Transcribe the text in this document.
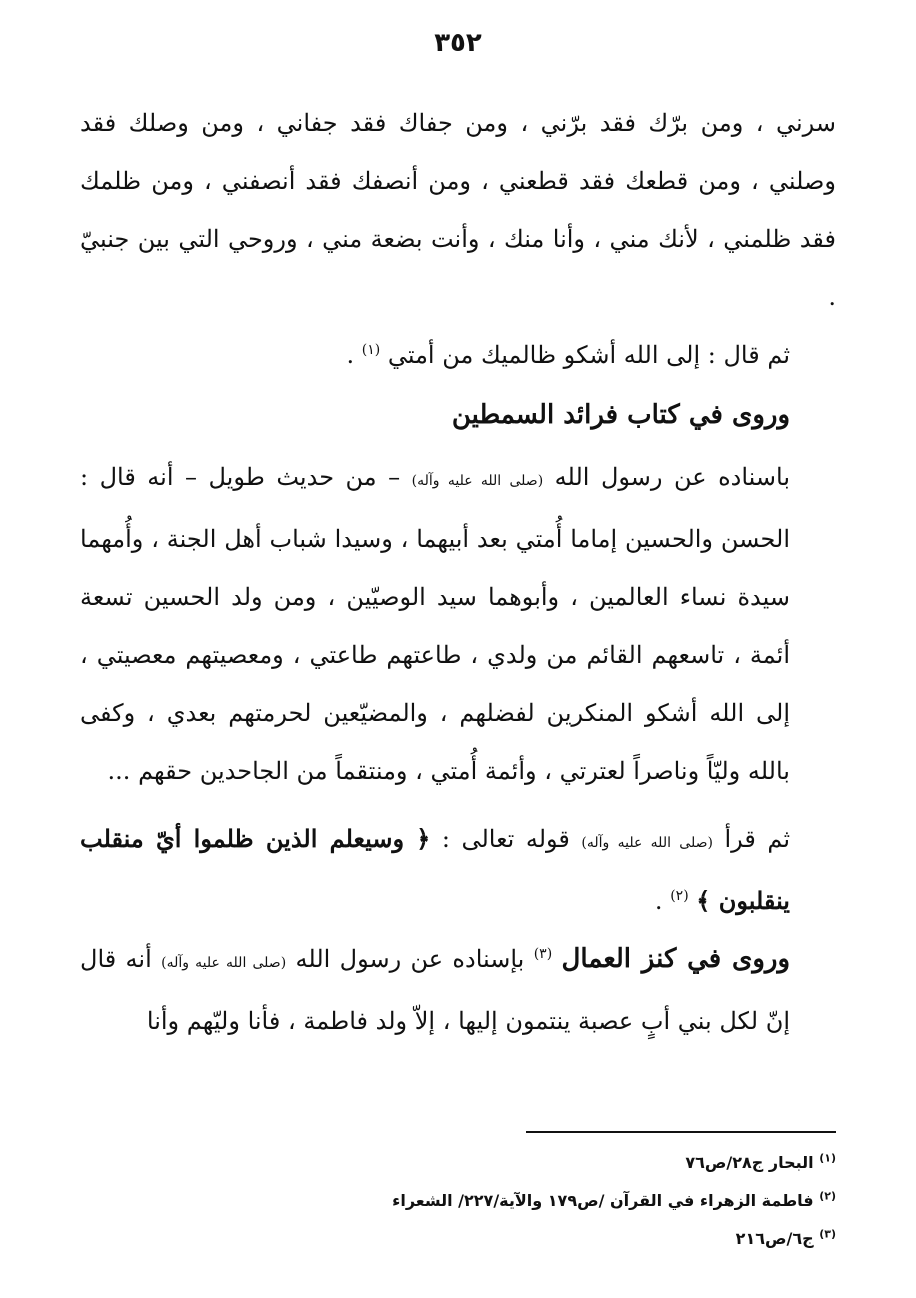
٣٥٢

سرني ، ومن برّك فقد برّني ، ومن جفاك فقد جفاني ، ومن وصلك فقد وصلني ، ومن قطعك فقد قطعني ، ومن أنصفك فقد أنصفني ، ومن ظلمك فقد ظلمني ، لأنك مني ، وأنا منك ، وأنت بضعة مني ، وروحي التي بين جنبيّ .

ثم قال : إلى الله أشكو ظالميك من أمتي $^{(١)}$ .

وروى في كتاب فرائد السمطين

باسناده عن رسول الله (صلى الله عليه وآله) – من حديث طويل – أنه قال : الحسن والحسين إماما أُمتي بعد أبيهما ، وسيدا شباب أهل الجنة ، وأُمهما سيدة نساء العالمين ، وأبوهما سيد الوصيّين ، ومن ولد الحسين تسعة أئمة ، تاسعهم القائم من ولدي ، طاعتهم طاعتي ، ومعصيتهم معصيتي ، إلى الله أشكو المنكرين لفضلهم ، والمضيّعين لحرمتهم بعدي ، وكفى بالله وليّاً وناصراً لعترتي ، وأئمة أُمتي ، ومنتقماً من الجاحدين حقهم ...

ثم قرأ (صلى الله عليه وآله) قوله تعالى : ﴿ وسيعلم الذين ظلموا أيّ منقلب ينقلبون ﴾ $^{(٢)}$ .

وروى في كنز العمال $^{(٣)}$ بإسناده عن رسول الله (صلى الله عليه وآله) أنه قال إنّ لكل بني أبٍ عصبة ينتمون إليها ، إلاّ ولد فاطمة ، فأنا وليّهم وأنا

$^{(١)}$ البحار ج٢٨/ص٧٦
$^{(٢)}$ فاطمة الزهراء في القرآن /ص١٧٩ والآية/٢٢٧/ الشعراء
$^{(٣)}$ ج٦/ص٢١٦
